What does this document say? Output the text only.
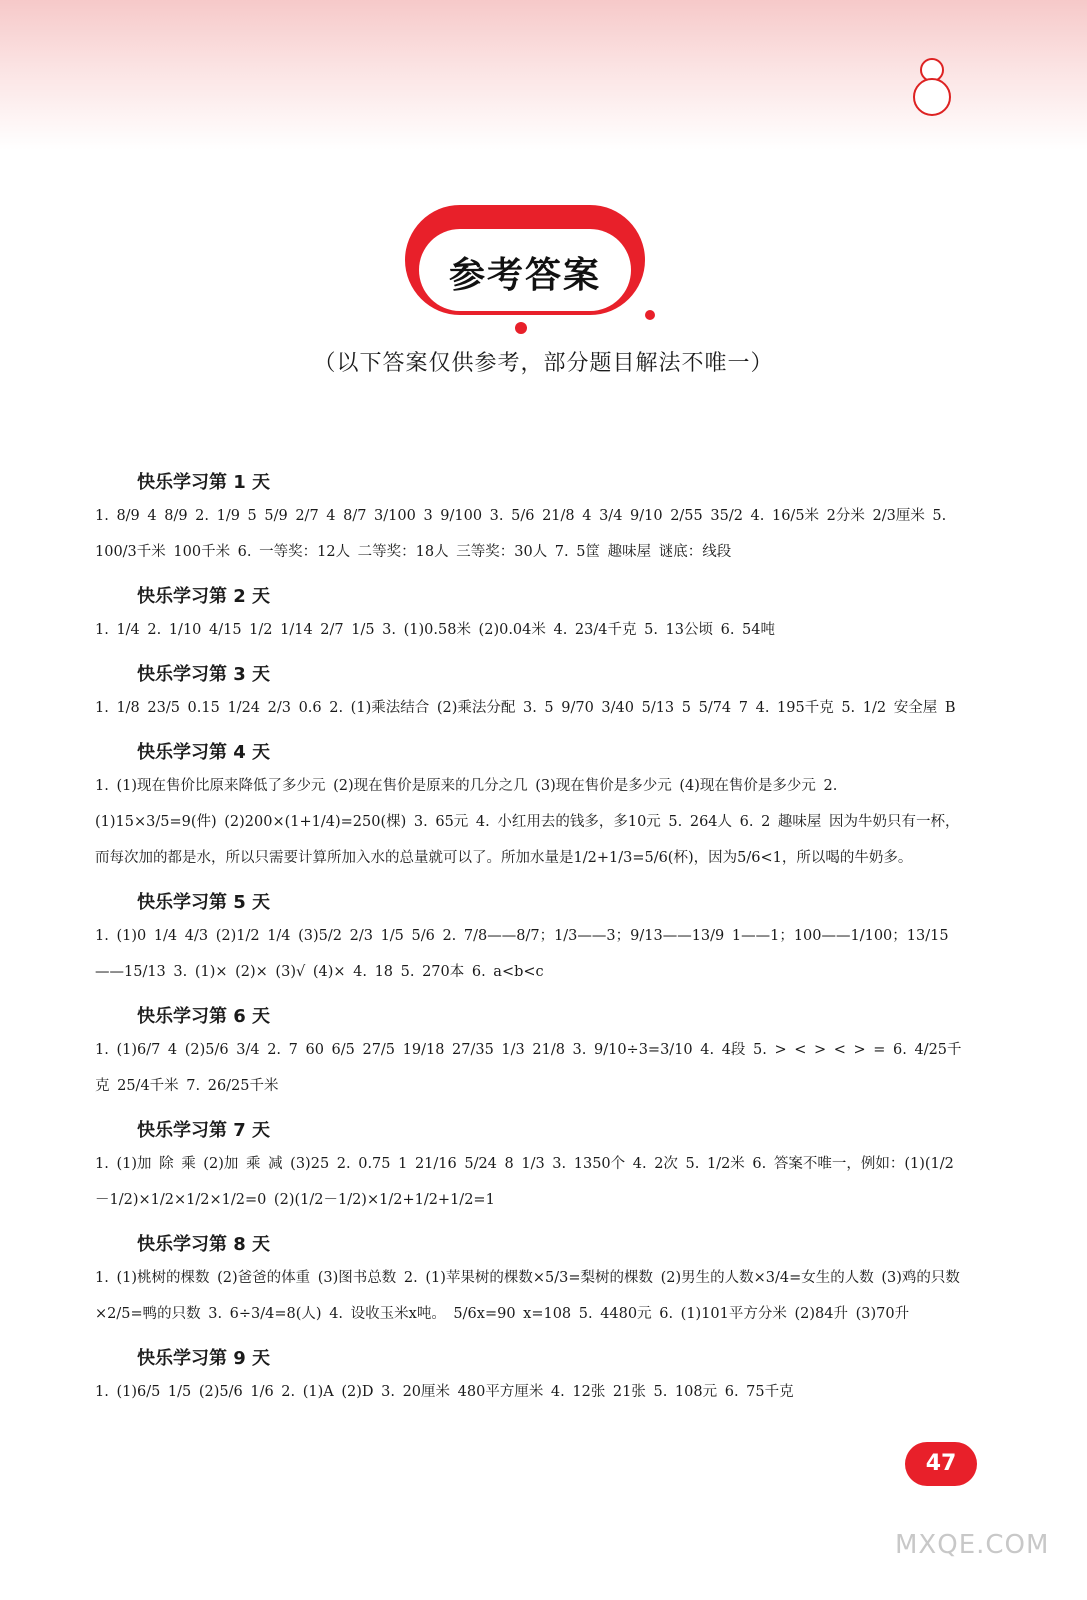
参考答案
（以下答案仅供参考，部分题目解法不唯一）
快乐学习第 1 天
1. 8/9 4 8/9 2. 1/9 5 5/9 2/7 4 8/7 3/100 3 9/100 3. 5/6 21/8 4 3/4 9/10 2/55 35/2 4. 16/5米 2分米 2/3厘米 5. 100/3千米 100千米 6. 一等奖：12人 二等奖：18人 三等奖：30人 7. 5筐 趣味屋 谜底：线段
快乐学习第 2 天
1. 1/4 2. 1/10 4/15 1/2 1/14 2/7 1/5 3. (1)0.58米 (2)0.04米 4. 23/4千克 5. 13公顷 6. 54吨
快乐学习第 3 天
1. 1/8 23/5 0.15 1/24 2/3 0.6 2. (1)乘法结合 (2)乘法分配 3. 5 9/70 3/40 5/13 5 5/74 7 4. 195千克 5. 1/2 安全屋 B
快乐学习第 4 天
1. (1)现在售价比原来降低了多少元 (2)现在售价是原来的几分之几 (3)现在售价是多少元 (4)现在售价是多少元 2. (1)15×3/5=9(件) (2)200×(1+1/4)=250(棵) 3. 65元 4. 小红用去的钱多，多10元 5. 264人 6. 2 趣味屋 因为牛奶只有一杯，而每次加的都是水，所以只需要计算所加入水的总量就可以了。所加水量是1/2+1/3=5/6(杯)，因为5/6<1，所以喝的牛奶多。
快乐学习第 5 天
1. (1)0 1/4 4/3 (2)1/2 1/4 (3)5/2 2/3 1/5 5/6 2. 7/8——8/7；1/3——3；9/13——13/9 1——1；100——1/100；13/15——15/13 3. (1)× (2)× (3)√ (4)× 4. 18 5. 270本 6. a<b<c
快乐学习第 6 天
1. (1)6/7 4 (2)5/6 3/4 2. 7 60 6/5 27/5 19/18 27/35 1/3 21/8 3. 9/10÷3=3/10 4. 4段 5. > < > < > = 6. 4/25千克 25/4千米 7. 26/25千米
快乐学习第 7 天
1. (1)加 除 乘 (2)加 乘 减 (3)25 2. 0.75 1 21/16 5/24 8 1/3 3. 1350个 4. 2次 5. 1/2米 6. 答案不唯一，例如：(1)(1/2－1/2)×1/2×1/2×1/2=0 (2)(1/2－1/2)×1/2+1/2+1/2=1
快乐学习第 8 天
1. (1)桃树的棵数 (2)爸爸的体重 (3)图书总数 2. (1)苹果树的棵数×5/3=梨树的棵数 (2)男生的人数×3/4=女生的人数 (3)鸡的只数×2/5=鸭的只数 3. 6÷3/4=8(人) 4. 设收玉米x吨。 5/6x=90 x=108 5. 4480元 6. (1)101平方分米 (2)84升 (3)70升
快乐学习第 9 天
1. (1)6/5 1/5 (2)5/6 1/6 2. (1)A (2)D 3. 20厘米 480平方厘米 4. 12张 21张 5. 108元 6. 75千克
47
MXQE.COM
